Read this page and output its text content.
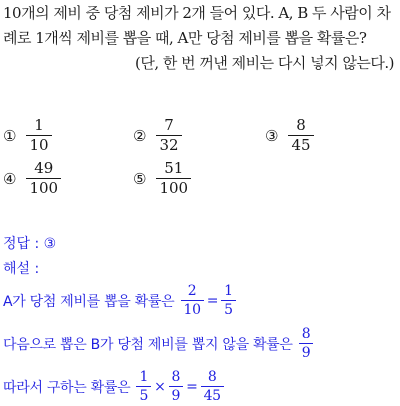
10개의 제비 중 당첨 제비가 2개 들어 있다. A, B 두 사람이 차
례로 1개씩 제비를 뽑을 때, A만 당첨 제비를 뽑을 확률은?
(단, 한 번 꺼낸 제비는 다시 넣지 않는다.)
① $\frac{1}{10}$	② $\frac{7}{32}$	③ $\frac{8}{45}$
④ $\frac{49}{100}$	⑤ $\frac{51}{100}$
정답 : ③
해설 :
A가 당첨 제비를 뽑을 확률은 $\frac{2}{10} = \frac{1}{5}$
다음으로 뽑은 B가 당첨 제비를 뽑지 않을 확률은 $\frac{8}{9}$
따라서 구하는 확률은 $\frac{1}{5} \times \frac{8}{9} = \frac{8}{45}$
